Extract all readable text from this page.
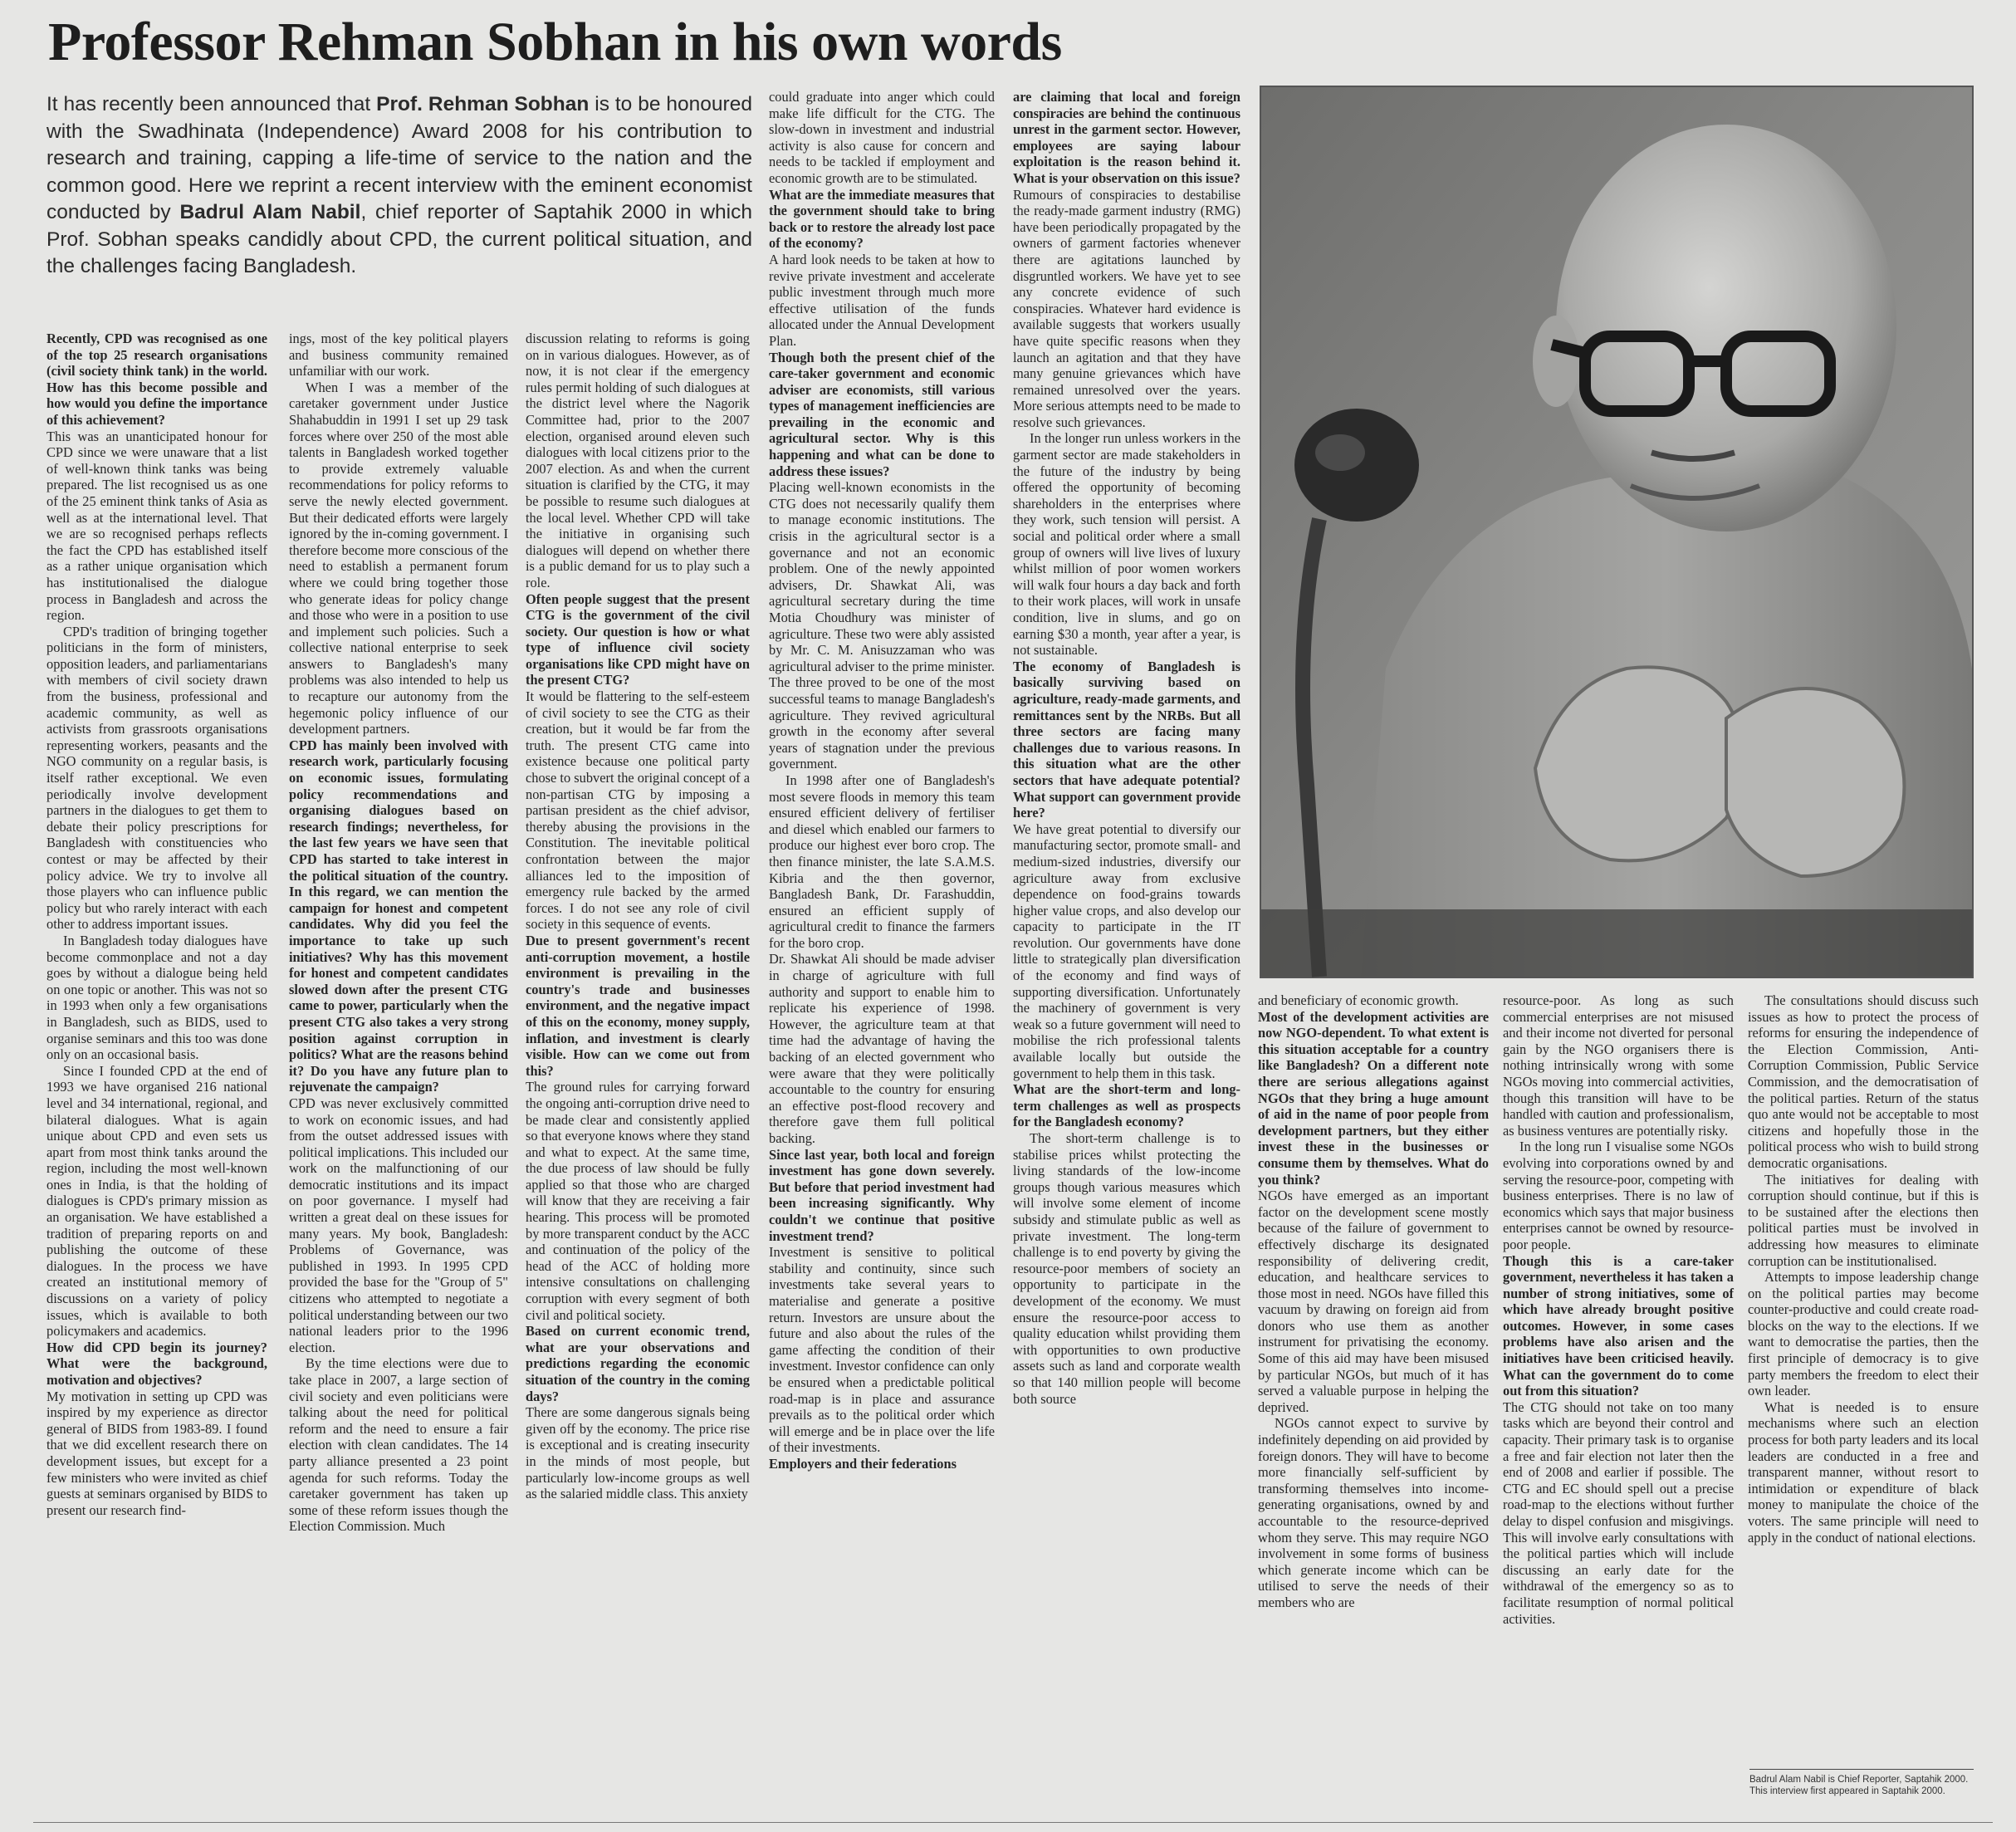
Professor Rehman Sobhan in his own words
It has recently been announced that Prof. Rehman Sobhan is to be honoured with the Swadhinata (Independence) Award 2008 for his contribution to research and training, capping a life-time of service to the nation and the common good. Here we reprint a recent interview with the eminent economist conducted by Badrul Alam Nabil, chief reporter of Saptahik 2000 in which Prof. Sobhan speaks candidly about CPD, the current political situation, and the challenges facing Bangladesh.

Recently, CPD was recognised as one of the top 25 research organisations (civil society think tank) in the world. How has this become possible and how would you define the importance of this achievement?

This was an unanticipated honour for CPD since we were unaware that a list of well-known think tanks was being prepared. The list recognised us as one of the 25 eminent think tanks of Asia as well as at the international level. That we are so recognised perhaps reflects the fact the CPD has established itself as a rather unique organisation which has institutionalised the dialogue process in Bangladesh and across the region.

CPD's tradition of bringing together politicians in the form of ministers, opposition leaders, and parliamentarians with members of civil society drawn from the business, professional and academic community, as well as activists from grassroots organisations representing workers, peasants and the NGO community on a regular basis, is itself rather exceptional. We even periodically involve development partners in the dialogues to get them to debate their policy prescriptions for Bangladesh with constituencies who contest or may be affected by their policy advice. We try to involve all those players who can influence public policy but who rarely interact with each other to address important issues.

In Bangladesh today dialogues have become commonplace and not a day goes by without a dialogue being held on one topic or another. This was not so in 1993 when only a few organisations in Bangladesh, such as BIDS, used to organise seminars and this too was done only on an occasional basis.

Since I founded CPD at the end of 1993 we have organised 216 national level and 34 international, regional, and bilateral dialogues. What is again unique about CPD and even sets us apart from most think tanks around the region, including the most well-known ones in India, is that the holding of dialogues is CPD's primary mission as an organisation. We have established a tradition of preparing reports on and publishing the outcome of these dialogues. In the process we have created an institutional memory of discussions on a variety of policy issues, which is available to both policymakers and academics.

How did CPD begin its journey? What were the background, motivation and objectives?

My motivation in setting up CPD was inspired by my experience as director general of BIDS from 1983-89. I found that we did excellent research there on development issues, but except for a few ministers who were invited as chief guests at seminars organised by BIDS to present our research find-

ings, most of the key political players and business community remained unfamiliar with our work.

When I was a member of the caretaker government under Justice Shahabuddin in 1991 I set up 29 task forces where over 250 of the most able talents in Bangladesh worked together to provide extremely valuable recommendations for policy reforms to serve the newly elected government. But their dedicated efforts were largely ignored by the in-coming government. I therefore become more conscious of the need to establish a permanent forum where we could bring together those who generate ideas for policy change and those who were in a position to use and implement such policies. Such a collective national enterprise to seek answers to Bangladesh's many problems was also intended to help us to recapture our autonomy from the hegemonic policy influence of our development partners.

CPD has mainly been involved with research work, particularly focusing on economic issues, formulating policy recommendations and organising dialogues based on research findings; nevertheless, for the last few years we have seen that CPD has started to take interest in the political situation of the country. In this regard, we can mention the campaign for honest and competent candidates. Why did you feel the importance to take up such initiatives? Why has this movement for honest and competent candidates slowed down after the present CTG came to power, particularly when the present CTG also takes a very strong position against corruption in politics? What are the reasons behind it? Do you have any future plan to rejuvenate the campaign?

CPD was never exclusively committed to work on economic issues, and had from the outset addressed issues with political implications. This included our work on the malfunctioning of our democratic institutions and its impact on poor governance. I myself had written a great deal on these issues for many years. My book, Bangladesh: Problems of Governance, was published in 1993. In 1995 CPD provided the base for the "Group of 5" citizens who attempted to negotiate a political understanding between our two national leaders prior to the 1996 election.

By the time elections were due to take place in 2007, a large section of civil society and even politicians were talking about the need for political reform and the need to ensure a fair election with clean candidates. The 14 party alliance presented a 23 point agenda for such reforms. Today the caretaker government has taken up some of these reform issues though the Election Commission. Much

discussion relating to reforms is going on in various dialogues. However, as of now, it is not clear if the emergency rules permit holding of such dialogues at the district level where the Nagorik Committee had, prior to the 2007 election, organised around eleven such dialogues with local citizens prior to the 2007 election. As and when the current situation is clarified by the CTG, it may be possible to resume such dialogues at the local level. Whether CPD will take the initiative in organising such dialogues will depend on whether there is a public demand for us to play such a role.

Often people suggest that the present CTG is the government of the civil society. Our question is how or what type of influence civil society organisations like CPD might have on the present CTG?

It would be flattering to the self-esteem of civil society to see the CTG as their creation, but it would be far from the truth. The present CTG came into existence because one political party chose to subvert the original concept of a non-partisan CTG by imposing a partisan president as the chief advisor, thereby abusing the provisions in the Constitution. The inevitable political confrontation between the major alliances led to the imposition of emergency rule backed by the armed forces. I do not see any role of civil society in this sequence of events.

Due to present government's recent anti-corruption movement, a hostile environment is prevailing in the country's trade and businesses environment, and the negative impact of this on the economy, money supply, inflation, and investment is clearly visible. How can we come out from this?

The ground rules for carrying forward the ongoing anti-corruption drive need to be made clear and consistently applied so that everyone knows where they stand and what to expect. At the same time, the due process of law should be fully applied so that those who are charged will know that they are receiving a fair hearing. This process will be promoted by more transparent conduct by the ACC and continuation of the policy of the head of the ACC of holding more intensive consultations on challenging corruption with every segment of both civil and political society.

Based on current economic trend, what are your observations and predictions regarding the economic situation of the country in the coming days?

There are some dangerous signals being given off by the economy. The price rise is exceptional and is creating insecurity in the minds of most people, but particularly low-income groups as well as the salaried middle class. This anxiety

could graduate into anger which could make life difficult for the CTG. The slow-down in investment and industrial activity is also cause for concern and needs to be tackled if employment and economic growth are to be stimulated.

What are the immediate measures that the government should take to bring back or to restore the already lost pace of the economy?

A hard look needs to be taken at how to revive private investment and accelerate public investment through much more effective utilisation of the funds allocated under the Annual Development Plan.

Though both the present chief of the care-taker government and economic adviser are economists, still various types of management inefficiencies are prevailing in the economic and agricultural sector. Why is this happening and what can be done to address these issues?

Placing well-known economists in the CTG does not necessarily qualify them to manage economic institutions. The crisis in the agricultural sector is a governance and not an economic problem. One of the newly appointed advisers, Dr. Shawkat Ali, was agricultural secretary during the time Motia Choudhury was minister of agriculture. These two were ably assisted by Mr. C. M. Anisuzzaman who was agricultural adviser to the prime minister. The three proved to be one of the most successful teams to manage Bangladesh's agriculture. They revived agricultural growth in the economy after several years of stagnation under the previous government.

In 1998 after one of Bangladesh's most severe floods in memory this team ensured efficient delivery of fertiliser and diesel which enabled our farmers to produce our highest ever boro crop. The then finance minister, the late S.A.M.S. Kibria and the then governor, Bangladesh Bank, Dr. Farashuddin, ensured an efficient supply of agricultural credit to finance the farmers for the boro crop.

Dr. Shawkat Ali should be made adviser in charge of agriculture with full authority and support to enable him to replicate his experience of 1998. However, the agriculture team at that time had the advantage of having the backing of an elected government who were aware that they were politically accountable to the country for ensuring an effective post-flood recovery and therefore gave them full political backing.

Since last year, both local and foreign investment has gone down severely. But before that period investment had been increasing significantly. Why couldn't we continue that positive investment trend?

Investment is sensitive to political stability and continuity, since such investments take several years to materialise and generate a positive return. Investors are unsure about the future and also about the rules of the game affecting the condition of their investment. Investor confidence can only be ensured when a predictable political road-map is in place and assurance prevails as to the political order which will emerge and be in place over the life of their investments.

Employers and their federations

are claiming that local and foreign conspiracies are behind the continuous unrest in the garment sector. However, employees are saying labour exploitation is the reason behind it. What is your observation on this issue?

Rumours of conspiracies to destabilise the ready-made garment industry (RMG) have been periodically propagated by the owners of garment factories whenever there are agitations launched by disgruntled workers. We have yet to see any concrete evidence of such conspiracies. Whatever hard evidence is available suggests that workers usually have quite specific reasons when they launch an agitation and that they have many genuine grievances which have remained unresolved over the years. More serious attempts need to be made to resolve such grievances.

In the longer run unless workers in the garment sector are made stakeholders in the future of the industry by being offered the opportunity of becoming shareholders in the enterprises where they work, such tension will persist. A social and political order where a small group of owners will live lives of luxury whilst million of poor women workers will walk four hours a day back and forth to their work places, will work in unsafe condition, live in slums, and go on earning $30 a month, year after a year, is not sustainable.

The economy of Bangladesh is basically surviving based on agriculture, ready-made garments, and remittances sent by the NRBs. But all three sectors are facing many challenges due to various reasons. In this situation what are the other sectors that have adequate potential? What support can government provide here?

We have great potential to diversify our manufacturing sector, promote small- and medium-sized industries, diversify our agriculture away from exclusive dependence on food-grains towards higher value crops, and also develop our capacity to participate in the IT revolution. Our governments have done little to strategically plan diversification of the economy and find ways of supporting diversification. Unfortunately the machinery of government is very weak so a future government will need to mobilise the rich professional talents available locally but outside the government to help them in this task.

What are the short-term and long-term challenges as well as prospects for the Bangladesh economy?

The short-term challenge is to stabilise prices whilst protecting the living standards of the low-income groups though various measures which will involve some element of income subsidy and stimulate public as well as private investment. The long-term challenge is to end poverty by giving the resource-poor members of society an opportunity to participate in the development of the economy. We must ensure the resource-poor access to quality education whilst providing them with opportunities to own productive assets such as land and corporate wealth so that 140 million people will become both source

and beneficiary of economic growth.

Most of the development activities are now NGO-dependent. To what extent is this situation acceptable for a country like Bangladesh? On a different note there are serious allegations against NGOs that they bring a huge amount of aid in the name of poor people from development partners, but they either invest these in the businesses or consume them by themselves. What do you think?

NGOs have emerged as an important factor on the development scene mostly because of the failure of government to effectively discharge its designated responsibility of delivering credit, education, and healthcare services to those most in need. NGOs have filled this vacuum by drawing on foreign aid from donors who use them as another instrument for privatising the economy. Some of this aid may have been misused by particular NGOs, but much of it has served a valuable purpose in helping the deprived.

NGOs cannot expect to survive by indefinitely depending on aid provided by foreign donors. They will have to become more financially self-sufficient by transforming themselves into income-generating organisations, owned by and accountable to the resource-deprived whom they serve. This may require NGO involvement in some forms of business which generate income which can be utilised to serve the needs of their members who are

resource-poor. As long as such commercial enterprises are not misused and their income not diverted for personal gain by the NGO organisers there is nothing intrinsically wrong with some NGOs moving into commercial activities, though this transition will have to be handled with caution and professionalism, as business ventures are potentially risky.

In the long run I visualise some NGOs evolving into corporations owned by and serving the resource-poor, competing with business enterprises. There is no law of economics which says that major business enterprises cannot be owned by resource-poor people.

Though this is a care-taker government, nevertheless it has taken a number of strong initiatives, some of which have already brought positive outcomes. However, in some cases problems have also arisen and the initiatives have been criticised heavily. What can the government do to come out from this situation?

The CTG should not take on too many tasks which are beyond their control and capacity. Their primary task is to organise a free and fair election not later then the end of 2008 and earlier if possible. The CTG and EC should spell out a precise road-map to the elections without further delay to dispel confusion and misgivings. This will involve early consultations with the political parties which will include discussing an early date for the withdrawal of the emergency so as to facilitate resumption of normal political activities.

The consultations should discuss such issues as how to protect the process of reforms for ensuring the independence of the Election Commission, Anti-Corruption Commission, Public Service Commission, and the democratisation of the political parties. Return of the status quo ante would not be acceptable to most citizens and hopefully those in the political process who wish to build strong democratic organisations.

The initiatives for dealing with corruption should continue, but if this is to be sustained after the elections then political parties must be involved in addressing how measures to eliminate corruption can be institutionalised.

Attempts to impose leadership change on the political parties may become counter-productive and could create road-blocks on the way to the elections. If we want to democratise the parties, then the first principle of democracy is to give party members the freedom to elect their own leader.

What is needed is to ensure mechanisms where such an election process for both party leaders and its local leaders are conducted in a free and transparent manner, without resort to intimidation or expenditure of black money to manipulate the choice of the voters. The same principle will need to apply in the conduct of national elections.

Badrul Alam Nabil is Chief Reporter, Saptahik 2000. This interview first appeared in Saptahik 2000.
